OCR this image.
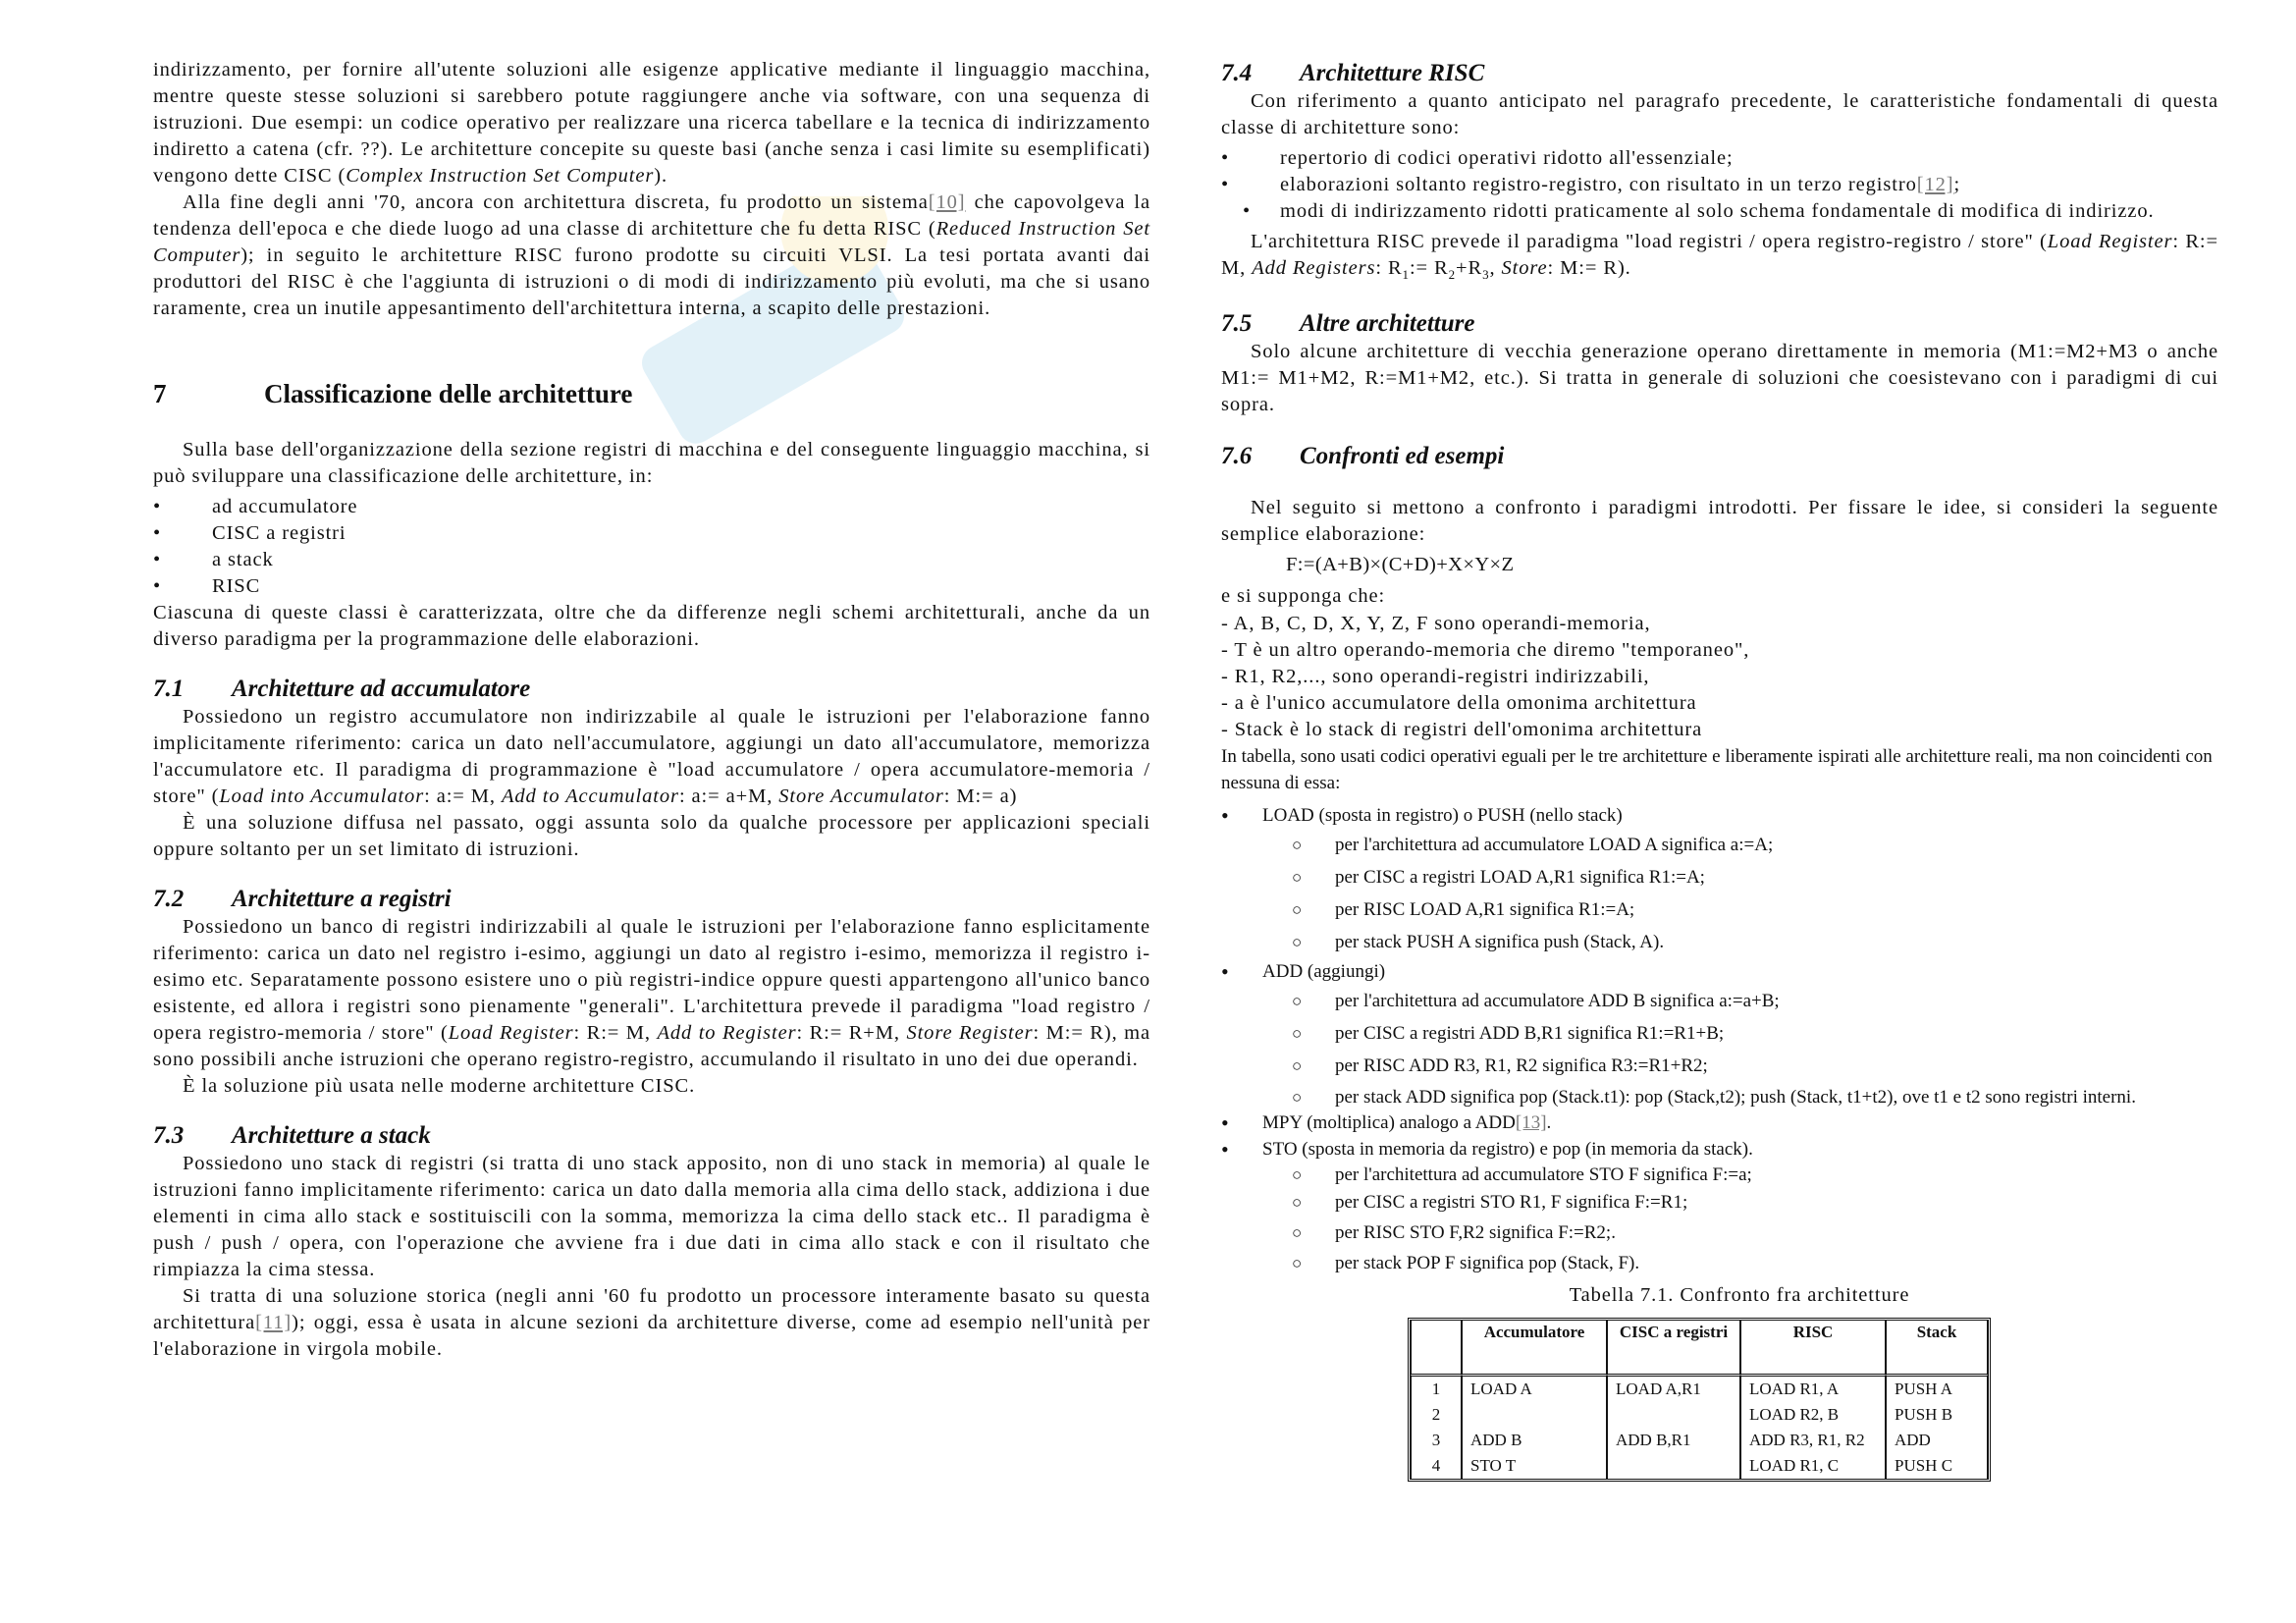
indirizzamento, per fornire all'utente soluzioni alle esigenze applicative mediante il linguaggio macchina, mentre queste stesse soluzioni si sarebbero potute raggiungere anche via software, con una sequenza di istruzioni. Due esempi: un codice operativo per realizzare una ricerca tabellare e la tecnica di indirizzamento indiretto a catena (cfr. ??). Le architetture concepite su queste basi (anche senza i casi limite su esemplificati) vengono dette CISC (Complex Instruction Set Computer).

Alla fine degli anni '70, ancora con architettura discreta, fu prodotto un sistema[10] che capovolgeva la tendenza dell'epoca e che diede luogo ad una classe di architetture che fu detta RISC (Reduced Instruction Set Computer); in seguito le architetture RISC furono prodotte su circuiti VLSI. La tesi portata avanti dai produttori del RISC è che l'aggiunta di istruzioni o di modi di indirizzamento più evoluti, ma che si usano raramente, crea un inutile appesantimento dell'architettura interna, a scapito delle prestazioni.

7	Classificazione delle architetture

Sulla base dell'organizzazione della sezione registri di macchina e del conseguente linguaggio macchina, si può sviluppare una classificazione delle architetture, in:

• ad accumulatore
• CISC a registri
• a stack
• RISC

Ciascuna di queste classi è caratterizzata, oltre che da differenze negli schemi architetturali, anche da un diverso paradigma per la programmazione delle elaborazioni.

7.1 Architetture ad accumulatore

Possiedono un registro accumulatore non indirizzabile al quale le istruzioni per l'elaborazione fanno implicitamente riferimento: carica un dato nell'accumulatore, aggiungi un dato all'accumulatore, memorizza l'accumulatore etc. Il paradigma di programmazione è "load accumulatore / opera accumulatore-memoria / store" (Load into Accumulator: a:= M, Add to Accumulator: a:= a+M, Store Accumulator: M:= a)

È una soluzione diffusa nel passato, oggi assunta solo da qualche processore per applicazioni speciali oppure soltanto per un set limitato di istruzioni.

7.2 Architetture a registri

Possiedono un banco di registri indirizzabili al quale le istruzioni per l'elaborazione fanno esplicitamente riferimento: carica un dato nel registro i-esimo, aggiungi un dato al registro i-esimo, memorizza il registro i-esimo etc. Separatamente possono esistere uno o più registri-indice oppure questi appartengono all'unico banco esistente, ed allora i registri sono pienamente "generali". L'architettura prevede il paradigma "load registro / opera registro-memoria / store" (Load Register: R:= M, Add to Register: R:= R+M, Store Register: M:= R), ma sono possibili anche istruzioni che operano registro-registro, accumulando il risultato in uno dei due operandi.

È la soluzione più usata nelle moderne architetture CISC.

7.3 Architetture a stack

Possiedono uno stack di registri (si tratta di uno stack apposito, non di uno stack in memoria) al quale le istruzioni fanno implicitamente riferimento: carica un dato dalla memoria alla cima dello stack, addiziona i due elementi in cima allo stack e sostituiscili con la somma, memorizza la cima dello stack etc.. Il paradigma è push / push / opera, con l'operazione che avviene fra i due dati in cima allo stack e con il risultato che rimpiazza la cima stessa.

Si tratta di una soluzione storica (negli anni '60 fu prodotto un processore interamente basato su questa architettura[11]); oggi, essa è usata in alcune sezioni da architetture diverse, come ad esempio nell'unità per l'elaborazione in virgola mobile.

7.4 Architetture RISC

Con riferimento a quanto anticipato nel paragrafo precedente, le caratteristiche fondamentali di questa classe di architetture sono:

• repertorio di codici operativi ridotto all'essenziale;
• elaborazioni soltanto registro-registro, con risultato in un terzo registro[12];
• modi di indirizzamento ridotti praticamente al solo schema fondamentale di modifica di indirizzo.

L'architettura RISC prevede il paradigma "load registri / opera registro-registro / store" (Load Register: R:= M, Add Registers: $R_1:= R_2+R_3$, Store: M:= R).

7.5 Altre architetture

Solo alcune architetture di vecchia generazione operano direttamente in memoria (M1:=M2+M3 o anche M1:= M1+M2, R:=M1+M2, etc.). Si tratta in generale di soluzioni che coesistevano con i paradigmi di cui sopra.

7.6 Confronti ed esempi

Nel seguito si mettono a confronto i paradigmi introdotti. Per fissare le idee, si consideri la seguente semplice elaborazione:

F:=(A+B)×(C+D)+X×Y×Z

e si supponga che:

- A, B, C, D, X, Y, Z, F sono operandi-memoria,
- T è un altro operando-memoria che diremo "temporaneo",
- R1, R2,..., sono operandi-registri indirizzabili,
- a è l'unico accumulatore della omonima architettura
- Stack è lo stack di registri dell'omonima architettura

In tabella, sono usati codici operativi eguali per le tre architetture e liberamente ispirati alle architetture reali, ma non coincidenti con nessuna di essa:

• LOAD (sposta in registro) o PUSH (nello stack)
○ per l'architettura ad accumulatore LOAD A significa a:=A;
○ per CISC a registri LOAD A,R1 significa R1:=A;
○ per RISC LOAD A,R1 significa R1:=A;
○ per stack PUSH A significa push (Stack, A).
• ADD (aggiungi)
○ per l'architettura ad accumulatore ADD B significa a:=a+B;
○ per CISC a registri ADD B,R1 significa R1:=R1+B;
○ per RISC ADD R3, R1, R2 significa R3:=R1+R2;
○ per stack ADD significa pop (Stack.t1): pop (Stack,t2); push (Stack, t1+t2), ove t1 e t2 sono registri interni.
• MPY (moltiplica) analogo a ADD[13].
• STO (sposta in memoria da registro) e pop (in memoria da stack).
○ per l'architettura ad accumulatore STO F significa F:=a;
○ per CISC a registri STO R1, F significa F:=R1;
○ per RISC STO F,R2 significa F:=R2;.
○ per stack POP F significa pop (Stack, F).
Tabella 7.1. Confronto fra architetture
	Accumulatore	CISC a registri	RISC	Stack
1	LOAD A	LOAD A,R1	LOAD R1, A	PUSH A
2			LOAD R2, B	PUSH B
3	ADD B	ADD B,R1	ADD R3, R1, R2	ADD
4	STO T		LOAD R1, C	PUSH C
